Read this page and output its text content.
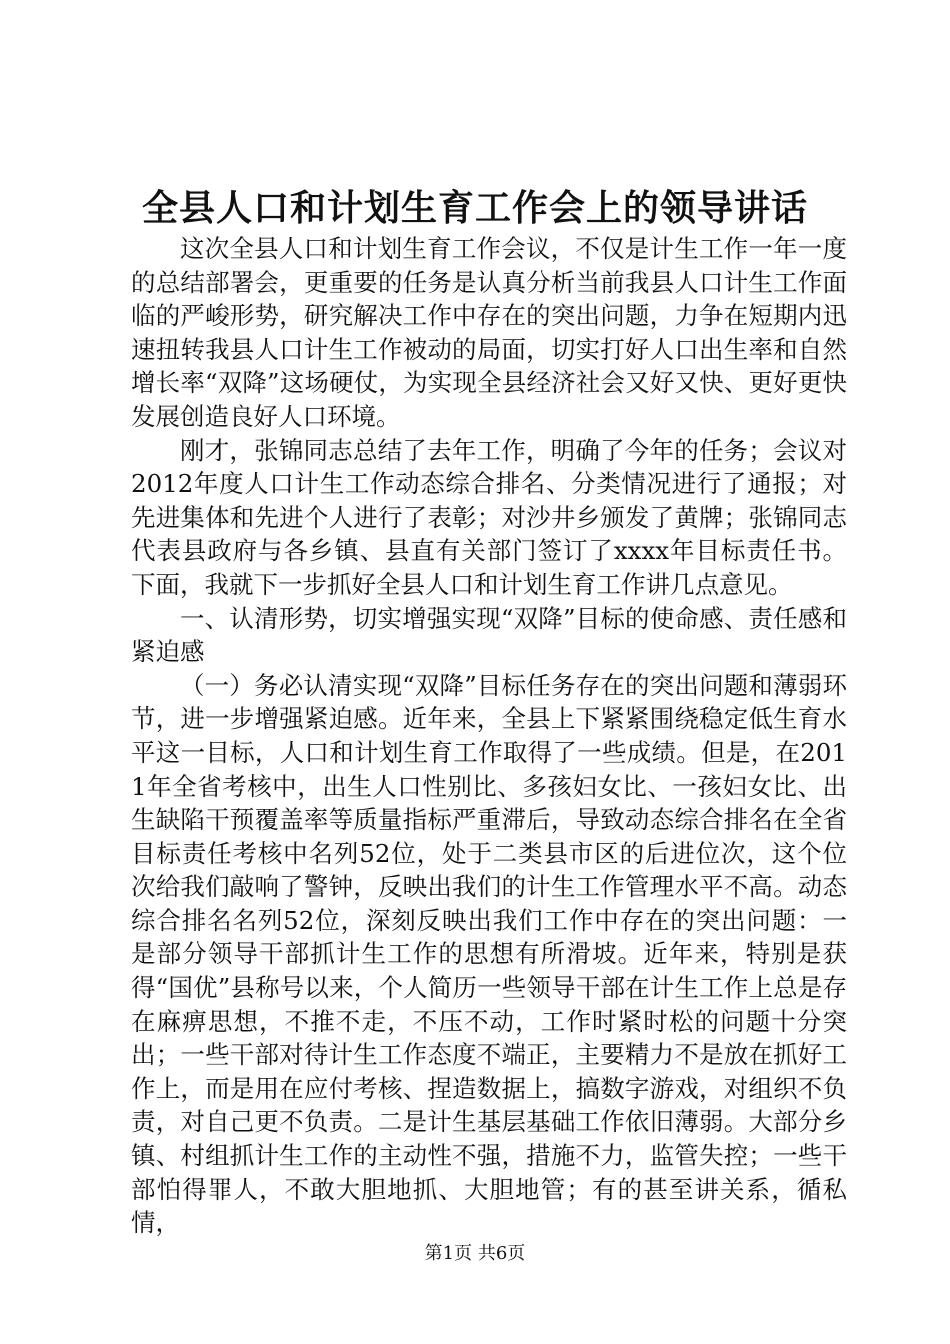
全县人口和计划生育工作会上的领导讲话

这次全县人口和计划生育工作会议，不仅是计生工作一年一度的总结部署会，更重要的任务是认真分析当前我县人口计生工作面临的严峻形势，研究解决工作中存在的突出问题，力争在短期内迅速扭转我县人口计生工作被动的局面，切实打好人口出生率和自然增长率“双降”这场硬仗，为实现全县经济社会又好又快、更好更快发展创造良好人口环境。

刚才，张锦同志总结了去年工作，明确了今年的任务；会议对2012年度人口计生工作动态综合排名、分类情况进行了通报；对先进集体和先进个人进行了表彰；对沙井乡颁发了黄牌；张锦同志代表县政府与各乡镇、县直有关部门签订了xxxx年目标责任书。下面，我就下一步抓好全县人口和计划生育工作讲几点意见。

一、认清形势，切实增强实现“双降”目标的使命感、责任感和紧迫感

（一）务必认清实现“双降”目标任务存在的突出问题和薄弱环节，进一步增强紧迫感。近年来，全县上下紧紧围绕稳定低生育水平这一目标，人口和计划生育工作取得了一些成绩。但是，在2011年全省考核中，出生人口性别比、多孩妇女比、一孩妇女比、出生缺陷干预覆盖率等质量指标严重滞后，导致动态综合排名在全省目标责任考核中名列52位，处于二类县市区的后进位次，这个位次给我们敲响了警钟，反映出我们的计生工作管理水平不高。动态综合排名名列52位，深刻反映出我们工作中存在的突出问题：一是部分领导干部抓计生工作的思想有所滑坡。近年来，特别是获得“国优”县称号以来，个人简历一些领导干部在计生工作上总是存在麻痹思想，不推不走，不压不动，工作时紧时松的问题十分突出；一些干部对待计生工作态度不端正，主要精力不是放在抓好工作上，而是用在应付考核、捏造数据上，搞数字游戏，对组织不负责，对自己更不负责。二是计生基层基础工作依旧薄弱。大部分乡镇、村组抓计生工作的主动性不强，措施不力，监管失控；一些干部怕得罪人，不敢大胆地抓、大胆地管；有的甚至讲关系，循私情，

第1页 共6页
